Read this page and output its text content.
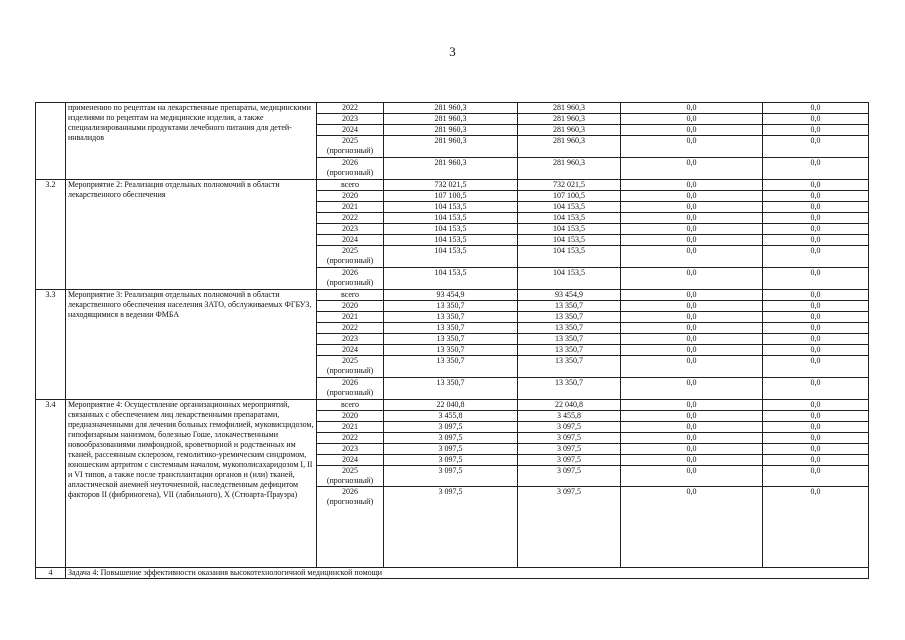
3
	применению по рецептам на лекарственные препараты, медицинскими изделиями по рецептам на медицинские изделия, а также специализированными продуктами лечебного питания для детей-инвалидов	2022	281 960,3	281 960,3	0,0	0,0
		2023	281 960,3	281 960,3	0,0	0,0
		2024	281 960,3	281 960,3	0,0	0,0
		2025 (прогнозный)	281 960,3	281 960,3	0,0	0,0
		2026 (прогнозный)	281 960,3	281 960,3	0,0	0,0
3.2	Мероприятие 2: Реализация отдельных полномочий в области лекарственного обеспечения	всего	732 021,5	732 021,5	0,0	0,0
		2020	107 100,5	107 100,5	0,0	0,0
		2021	104 153,5	104 153,5	0,0	0,0
		2022	104 153,5	104 153,5	0,0	0,0
		2023	104 153,5	104 153,5	0,0	0,0
		2024	104 153,5	104 153,5	0,0	0,0
		2025 (прогнозный)	104 153,5	104 153,5	0,0	0,0
		2026 (прогнозный)	104 153,5	104 153,5	0,0	0,0
3.3	Мероприятие 3: Реализация отдельных полномочий в области лекарственного обеспечения населения ЗАТО, обслуживаемых ФГБУЗ, находящимися в ведении ФМБА	всего	93 454,9	93 454,9	0,0	0,0
		2020	13 350,7	13 350,7	0,0	0,0
		2021	13 350,7	13 350,7	0,0	0,0
		2022	13 350,7	13 350,7	0,0	0,0
		2023	13 350,7	13 350,7	0,0	0,0
		2024	13 350,7	13 350,7	0,0	0,0
		2025 (прогнозный)	13 350,7	13 350,7	0,0	0,0
		2026 (прогнозный)	13 350,7	13 350,7	0,0	0,0
3.4	Мероприятие 4: Осуществление организационных мероприятий, связанных с обеспечением лиц лекарственными препаратами, предназначенными для лечения больных гемофилией, муковисцидозом, гипофизарным нанизмом, болезнью Гоше, злокачественными новообразованиями лимфоидной, кроветворной и родственных им тканей, рассеянным склерозом, гемолитико-уремическим синдромом, юношеским артритом с системным началом, мукополисахаридозом I, II и VI типов, а также после трансплантации органов и (или) тканей, апластической анемией неуточненной, наследственным дефицитом факторов II (фибриногена), VII (лабильного), X (Стюарта-Прауэра)	всего	22 040,8	22 040,8	0,0	0,0
		2020	3 455,8	3 455,8	0,0	0,0
		2021	3 097,5	3 097,5	0,0	0,0
		2022	3 097,5	3 097,5	0,0	0,0
		2023	3 097,5	3 097,5	0,0	0,0
		2024	3 097,5	3 097,5	0,0	0,0
		2025 (прогнозный)	3 097,5	3 097,5	0,0	0,0
		2026 (прогнозный)	3 097,5	3 097,5	0,0	0,0
4	Задача 4: Повышение эффективности оказания высокотехнологичной медицинской помощи					
